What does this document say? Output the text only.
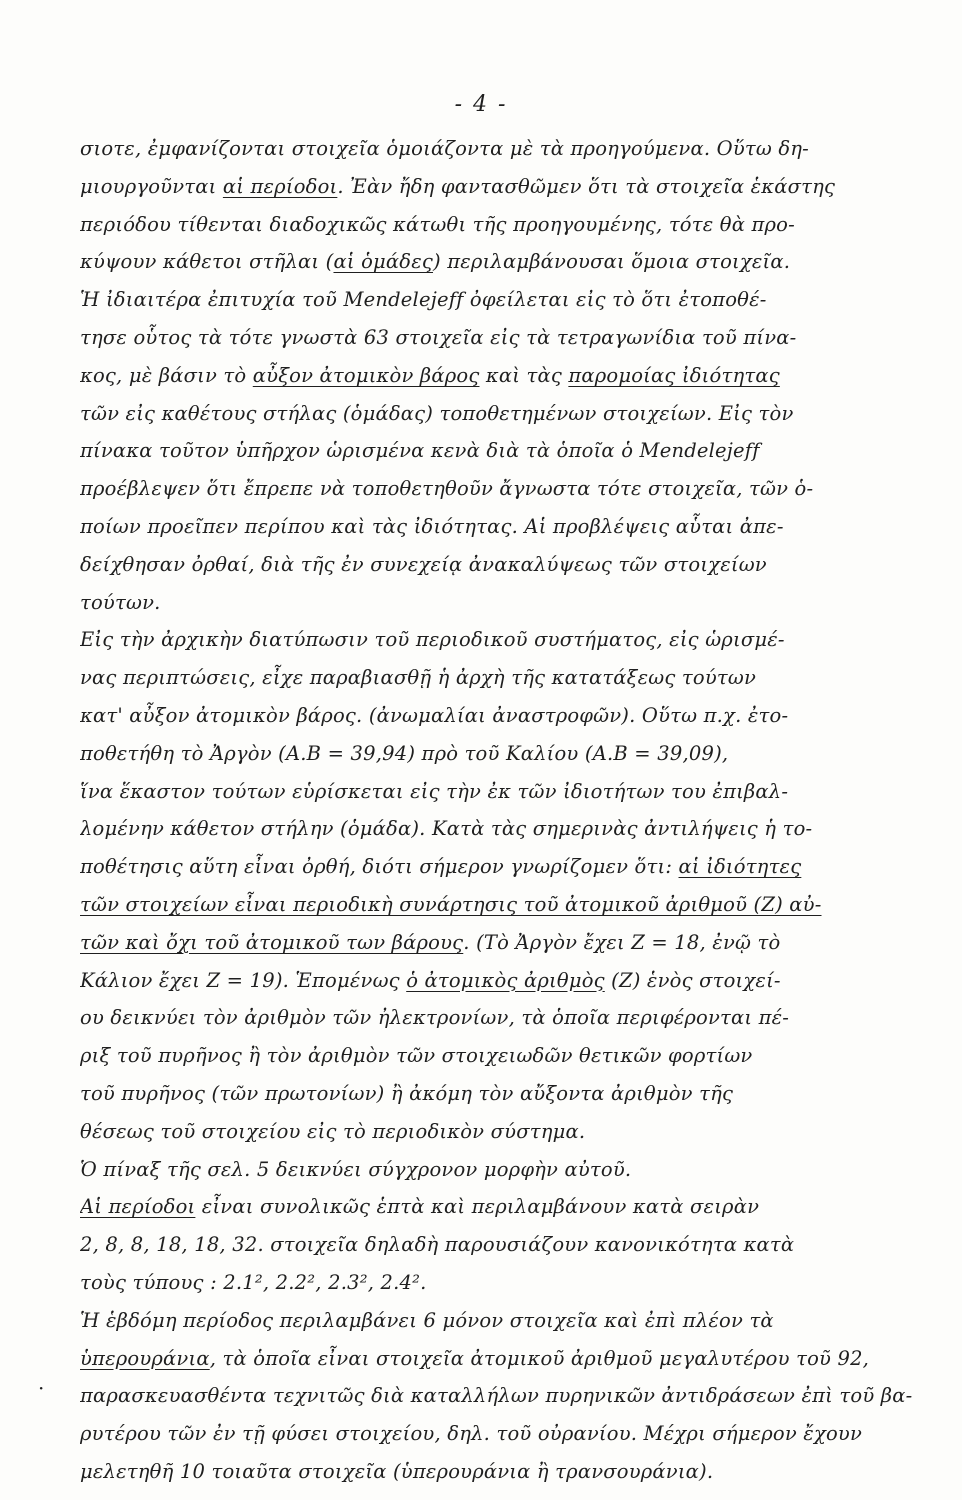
- 4 -
σιοτε, ἐμφανίζονται στοιχεῖα ὁμοιάζοντα μὲ τὰ προηγούμενα. Οὕτω δη-
μιουργοῦνται αἱ περίοδοι. Ἐὰν ἤδη φαντασθῶμεν ὅτι τὰ στοιχεῖα ἑκάστης
περιόδου τίθενται διαδοχικῶς κάτωθι τῆς προηγουμένης, τότε θὰ προ-
κύψουν κάθετοι στῆλαι (αἱ ὁμάδες) περιλαμβάνουσαι ὅμοια στοιχεῖα.
Ἡ ἰδιαιτέρα ἐπιτυχία τοῦ Mendelejeff ὀφείλεται εἰς τὸ ὅτι ἐτοποθέ-
τησε οὗτος τὰ τότε γνωστὰ 63 στοιχεῖα εἰς τὰ τετραγωνίδια τοῦ πίνα-
κος, μὲ βάσιν τὸ αὖξον ἀτομικὸν βάρος καὶ τὰς παρομοίας ἰδιότητας
τῶν εἰς καθέτους στήλας (ὁμάδας) τοποθετημένων στοιχείων. Εἰς τὸν
πίνακα τοῦτον ὑπῆρχον ὡρισμένα κενὰ διὰ τὰ ὁποῖα ὁ Mendelejeff
προέβλεψεν ὅτι ἔπρεπε νὰ τοποθετηθοῦν ἄγνωστα τότε στοιχεῖα, τῶν ὁ-
ποίων προεῖπεν περίπου καὶ τὰς ἰδιότητας. Αἱ προβλέψεις αὗται ἀπε-
δείχθησαν ὀρθαί, διὰ τῆς ἐν συνεχείᾳ ἀνακαλύψεως τῶν στοιχείων
τούτων.
Εἰς τὴν ἀρχικὴν διατύπωσιν τοῦ περιοδικοῦ συστήματος, εἰς ὡρισμέ-
νας περιπτώσεις, εἶχε παραβιασθῇ ἡ ἀρχὴ τῆς κατατάξεως τούτων
κατ' αὖξον ἀτομικὸν βάρος. (ἀνωμαλίαι ἀναστροφῶν). Οὕτω π.χ. ἐτο-
ποθετήθη τὸ Ἀργὸν (Α.Β = 39,94) πρὸ τοῦ Καλίου (Α.Β = 39,09),
ἵνα ἕκαστον τούτων εὑρίσκεται εἰς τὴν ἐκ τῶν ἰδιοτήτων του ἐπιβαλ-
λομένην κάθετον στήλην (ὁμάδα). Κατὰ τὰς σημερινὰς ἀντιλήψεις ἡ το-
ποθέτησις αὕτη εἶναι ὀρθή, διότι σήμερον γνωρίζομεν ὅτι: αἱ ἰδιότητες
τῶν στοιχείων εἶναι περιοδικὴ συνάρτησις τοῦ ἀτομικοῦ ἀριθμοῦ (Ζ) αὐ-
τῶν καὶ ὄχι τοῦ ἀτομικοῦ των βάρους. (Τὸ Ἀργὸν ἔχει Ζ = 18, ἐνῷ τὸ
Κάλιον ἔχει Ζ = 19). Ἑπομένως ὁ ἀτομικὸς ἀριθμὸς (Ζ) ἑνὸς στοιχεί-
ου δεικνύει τὸν ἀριθμὸν τῶν ἠλεκτρονίων, τὰ ὁποῖα περιφέρονται πέ-
ριξ τοῦ πυρῆνος ἢ τὸν ἀριθμὸν τῶν στοιχειωδῶν θετικῶν φορτίων
τοῦ πυρῆνος (τῶν πρωτονίων) ἢ ἀκόμη τὸν αὔξοντα ἀριθμὸν τῆς
θέσεως τοῦ στοιχείου εἰς τὸ περιοδικὸν σύστημα.
Ὁ πίναξ τῆς σελ. 5 δεικνύει σύγχρονον μορφὴν αὐτοῦ.
Αἱ περίοδοι εἶναι συνολικῶς ἑπτὰ καὶ περιλαμβάνουν κατὰ σειρὰν
2, 8, 8, 18, 18, 32. στοιχεῖα δηλαδὴ παρουσιάζουν κανονικότητα κατὰ
τοὺς τύπους : 2.1², 2.2², 2.3², 2.4².
Ἡ ἑβδόμη περίοδος περιλαμβάνει 6 μόνον στοιχεῖα καὶ ἐπὶ πλέον τὰ
ὑπερουράνια, τὰ ὁποῖα εἶναι στοιχεῖα ἀτομικοῦ ἀριθμοῦ μεγαλυτέρου τοῦ 92,
παρασκευασθέντα τεχνιτῶς διὰ καταλλήλων πυρηνικῶν ἀντιδράσεων ἐπὶ τοῦ βα-
ρυτέρου τῶν ἐν τῇ φύσει στοιχείου, δηλ. τοῦ οὐρανίου. Μέχρι σήμερον ἔχουν
μελετηθῆ 10 τοιαῦτα στοιχεῖα (ὑπερουράνια ἢ τρανσουράνια).
·
